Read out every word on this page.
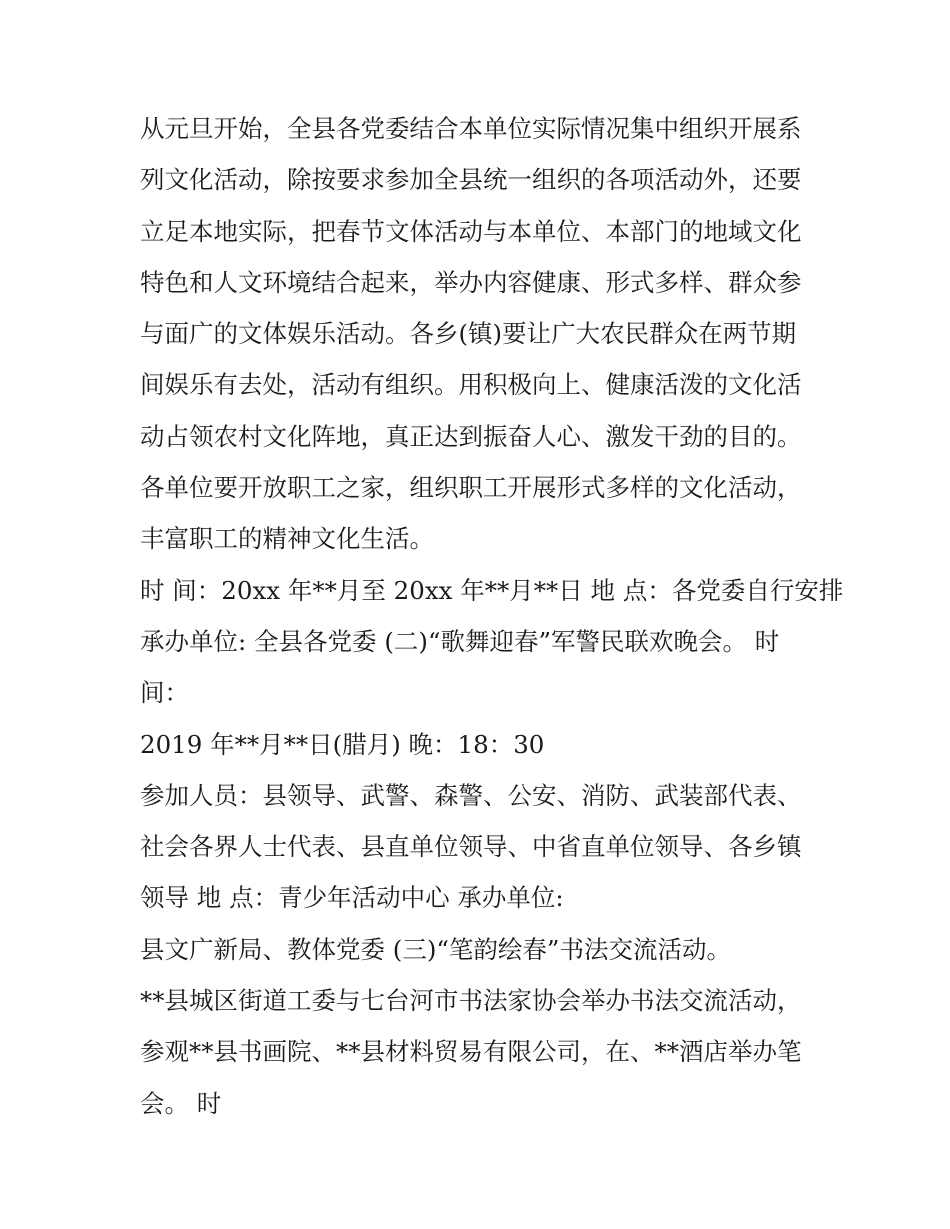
从元旦开始，全县各党委结合本单位实际情况集中组织开展系
列文化活动，除按要求参加全县统一组织的各项活动外，还要
立足本地实际，把春节文体活动与本单位、本部门的地域文化
特色和人文环境结合起来，举办内容健康、形式多样、群众参
与面广的文体娱乐活动。各乡(镇)要让广大农民群众在两节期
间娱乐有去处，活动有组织。用积极向上、健康活泼的文化活
动占领农村文化阵地，真正达到振奋人心、激发干劲的目的。
各单位要开放职工之家，组织职工开展形式多样的文化活动，
丰富职工的精神文化生活。
时 间：20xx 年**月至 20xx 年**月**日 地 点：各党委自行安排
承办单位: 全县各党委 (二)“歌舞迎春”军警民联欢晚会。 时
间：
2019 年**月**日(腊月) 晚：18：30
参加人员：县领导、武警、森警、公安、消防、武装部代表、
社会各界人士代表、县直单位领导、中省直单位领导、各乡镇
领导 地 点：青少年活动中心 承办单位:
县文广新局、教体党委 (三)“笔韵绘春”书法交流活动。
**县城区街道工委与七台河市书法家协会举办书法交流活动，
参观**县书画院、**县材料贸易有限公司，在、**酒店举办笔
会。 时
